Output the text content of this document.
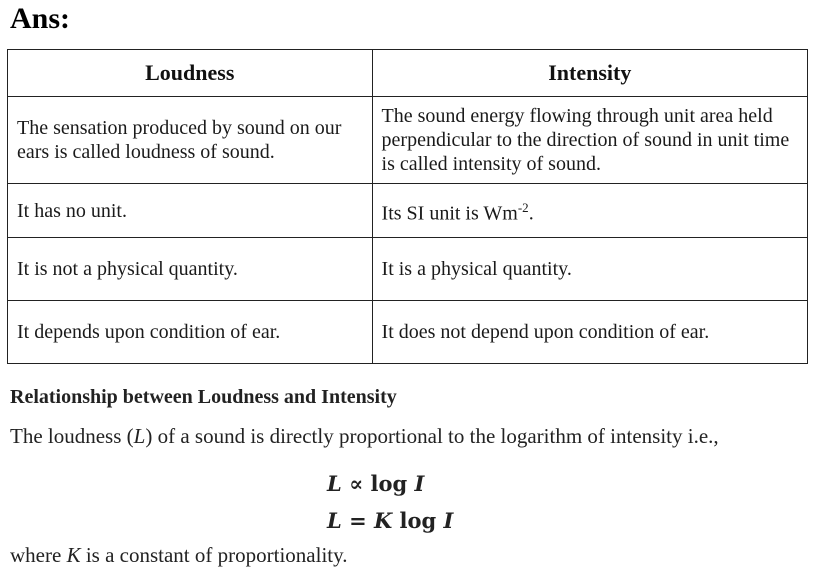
Ans:
Loudness	Intensity
The sensation produced by sound on our ears is called loudness of sound.	The sound energy flowing through unit area held perpendicular to the direction of sound in unit time is called intensity of sound.
It has no unit.	Its SI unit is $Wm^{-2}$.
It is not a physical quantity.	It is a physical quantity.
It depends upon condition of ear.	It does not depend upon condition of ear.
Relationship between Loudness and Intensity
The loudness (L) of a sound is directly proportional to the logarithm of intensity i.e.,
L ∝ log I
L = K log I
where K is a constant of proportionality.
